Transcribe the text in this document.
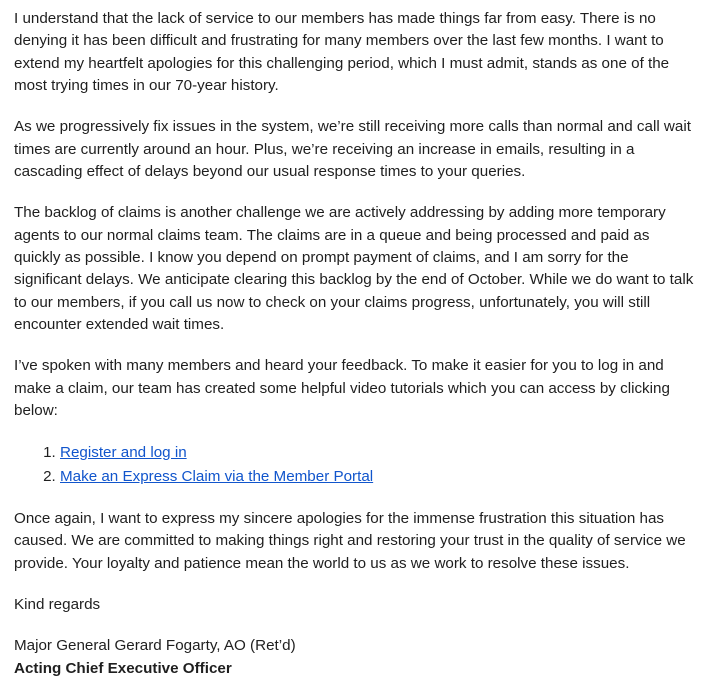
I understand that the lack of service to our members has made things far from easy. There is no denying it has been difficult and frustrating for many members over the last few months. I want to extend my heartfelt apologies for this challenging period, which I must admit, stands as one of the most trying times in our 70-year history.

As we progressively fix issues in the system, we’re still receiving more calls than normal and call wait times are currently around an hour. Plus, we’re receiving an increase in emails, resulting in a cascading effect of delays beyond our usual response times to your queries.

The backlog of claims is another challenge we are actively addressing by adding more temporary agents to our normal claims team. The claims are in a queue and being processed and paid as quickly as possible. I know you depend on prompt payment of claims, and I am sorry for the significant delays. We anticipate clearing this backlog by the end of October. While we do want to talk to our members, if you call us now to check on your claims progress, unfortunately, you will still encounter extended wait times.

I’ve spoken with many members and heard your feedback. To make it easier for you to log in and make a claim, our team has created some helpful video tutorials which you can access by clicking below:

1. Register and log in
2. Make an Express Claim via the Member Portal

Once again, I want to express my sincere apologies for the immense frustration this situation has caused. We are committed to making things right and restoring your trust in the quality of service we provide. Your loyalty and patience mean the world to us as we work to resolve these issues.

Kind regards

Major General Gerard Fogarty, AO (Ret’d)
Acting Chief Executive Officer
